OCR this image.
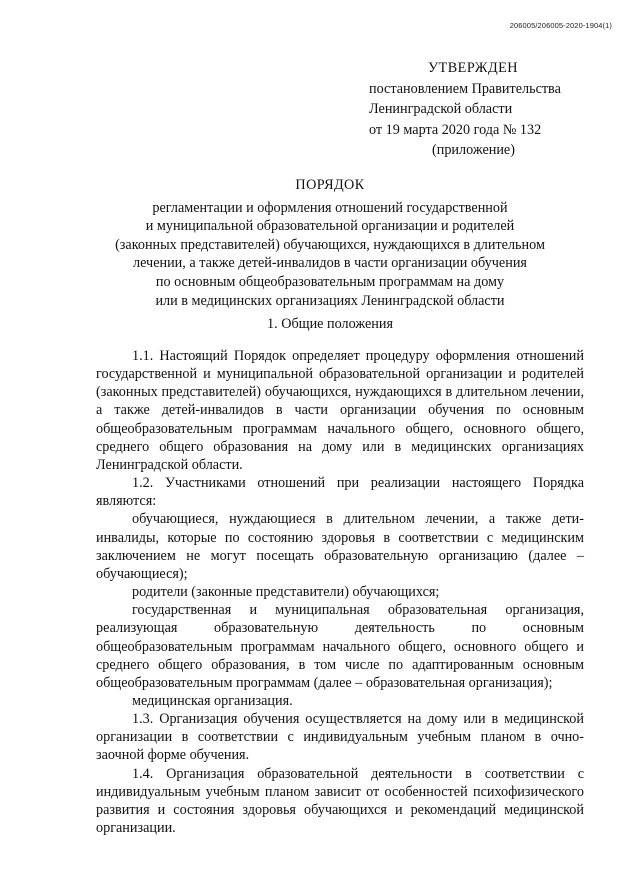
206005/206005-2020-1904(1)
УТВЕРЖДЕН
постановлением Правительства
Ленинградской области
от 19 марта 2020 года № 132
(приложение)
ПОРЯДОК
регламентации и оформления отношений государственной
и муниципальной образовательной организации и родителей
(законных представителей) обучающихся, нуждающихся в длительном
лечении, а также детей-инвалидов в части организации обучения
по основным общеобразовательным программам на дому
или в медицинских организациях Ленинградской области
1. Общие положения

1.1. Настоящий Порядок определяет процедуру оформления отношений государственной и муниципальной образовательной организации и родителей (законных представителей) обучающихся, нуждающихся в длительном лечении, а также детей-инвалидов в части организации обучения по основным общеобразовательным программам начального общего, основного общего, среднего общего образования на дому или в медицинских организациях Ленинградской области.

1.2. Участниками отношений при реализации настоящего Порядка являются:

обучающиеся, нуждающиеся в длительном лечении, а также дети-инвалиды, которые по состоянию здоровья в соответствии с медицинским заключением не могут посещать образовательную организацию (далее – обучающиеся);

родители (законные представители) обучающихся;

государственная и муниципальная образовательная организация, реализующая образовательную деятельность по основным общеобразовательным программам начального общего, основного общего и среднего общего образования, в том числе по адаптированным основным общеобразовательным программам (далее – образовательная организация);

медицинская организация.

1.3. Организация обучения осуществляется на дому или в медицинской организации в соответствии с индивидуальным учебным планом в очно-заочной форме обучения.

1.4. Организация образовательной деятельности в соответствии с индивидуальным учебным планом зависит от особенностей психофизического развития и состояния здоровья обучающихся и рекомендаций медицинской организации.
